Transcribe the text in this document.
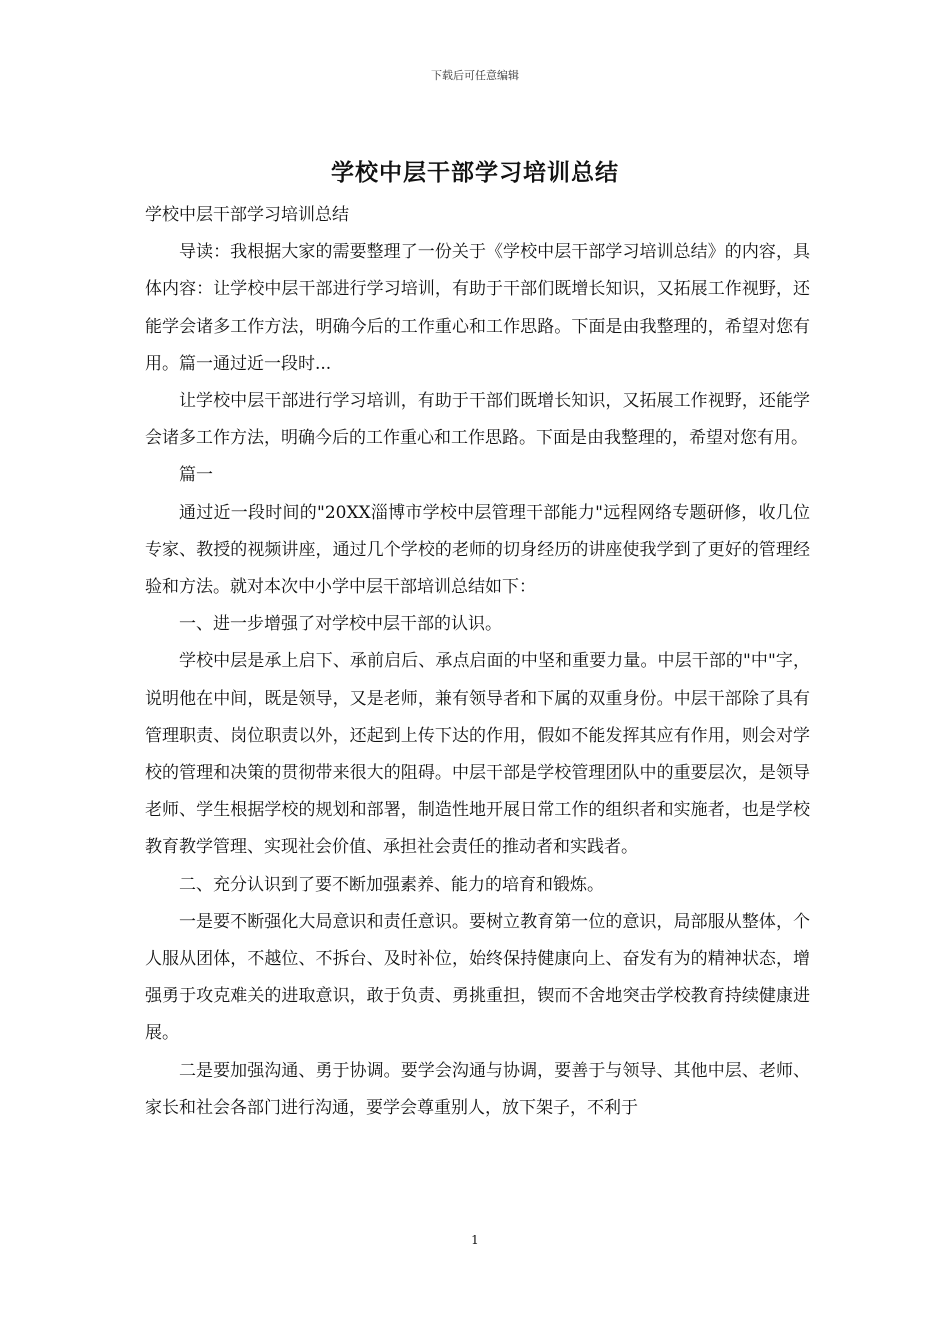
下载后可任意编辑
学校中层干部学习培训总结

学校中层干部学习培训总结

导读：我根据大家的需要整理了一份关于《学校中层干部学习培训总结》的内容，具体内容：让学校中层干部进行学习培训，有助于干部们既增长知识，又拓展工作视野，还能学会诸多工作方法，明确今后的工作重心和工作思路。下面是由我整理的，希望对您有用。篇一通过近一段时...

让学校中层干部进行学习培训，有助于干部们既增长知识，又拓展工作视野，还能学会诸多工作方法，明确今后的工作重心和工作思路。下面是由我整理的，希望对您有用。

篇一

通过近一段时间的"20XX淄博市学校中层管理干部能力"远程网络专题研修，收几位专家、教授的视频讲座，通过几个学校的老师的切身经历的讲座使我学到了更好的管理经验和方法。就对本次中小学中层干部培训总结如下：

一、进一步增强了对学校中层干部的认识。

学校中层是承上启下、承前启后、承点启面的中坚和重要力量。中层干部的"中"字，说明他在中间，既是领导，又是老师，兼有领导者和下属的双重身份。中层干部除了具有管理职责、岗位职责以外，还起到上传下达的作用，假如不能发挥其应有作用，则会对学校的管理和决策的贯彻带来很大的阻碍。中层干部是学校管理团队中的重要层次，是领导老师、学生根据学校的规划和部署，制造性地开展日常工作的组织者和实施者，也是学校教育教学管理、实现社会价值、承担社会责任的推动者和实践者。

二、充分认识到了要不断加强素养、能力的培育和锻炼。

一是要不断强化大局意识和责任意识。要树立教育第一位的意识，局部服从整体，个人服从团体，不越位、不拆台、及时补位，始终保持健康向上、奋发有为的精神状态，增强勇于攻克难关的进取意识，敢于负责、勇挑重担，锲而不舍地突击学校教育持续健康进展。

二是要加强沟通、勇于协调。要学会沟通与协调，要善于与领导、其他中层、老师、家长和社会各部门进行沟通，要学会尊重别人，放下架子，不利于

1
